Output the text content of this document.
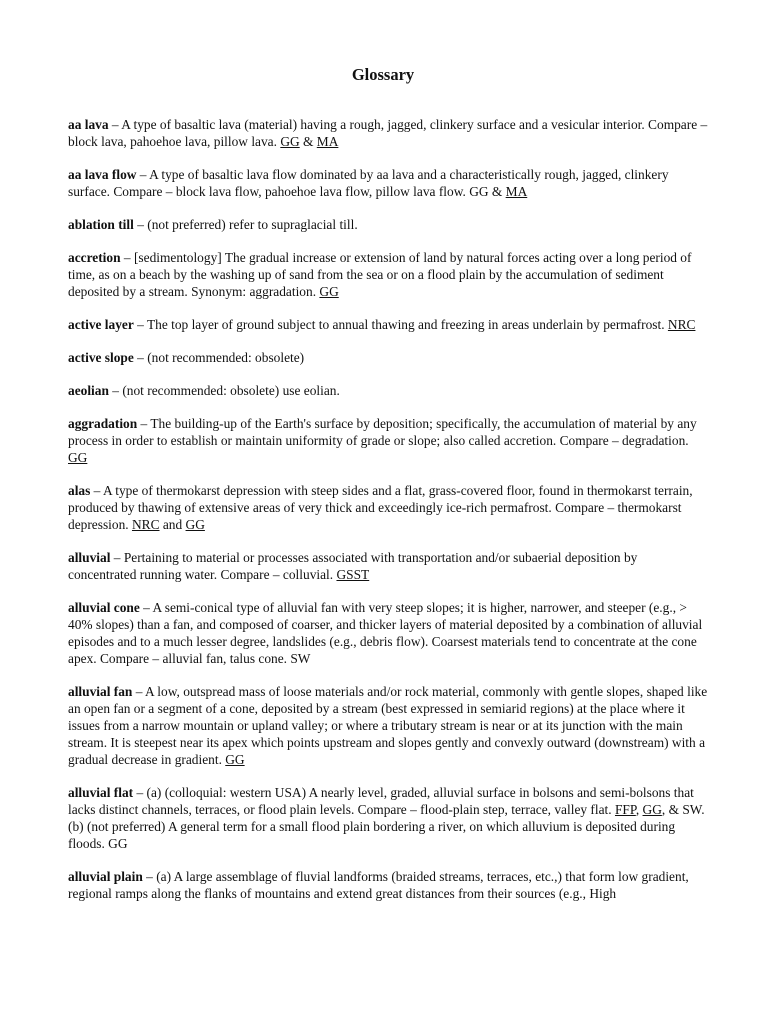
Glossary

aa lava – A type of basaltic lava (material) having a rough, jagged, clinkery surface and a vesicular interior. Compare – block lava, pahoehoe lava, pillow lava. GG & MA

aa lava flow – A type of basaltic lava flow dominated by aa lava and a characteristically rough, jagged, clinkery surface. Compare – block lava flow, pahoehoe lava flow, pillow lava flow. GG & MA

ablation till – (not preferred) refer to supraglacial till.

accretion – [sedimentology] The gradual increase or extension of land by natural forces acting over a long period of time, as on a beach by the washing up of sand from the sea or on a flood plain by the accumulation of sediment deposited by a stream. Synonym: aggradation. GG

active layer – The top layer of ground subject to annual thawing and freezing in areas underlain by permafrost. NRC

active slope – (not recommended: obsolete)

aeolian – (not recommended: obsolete) use eolian.

aggradation – The building-up of the Earth's surface by deposition; specifically, the accumulation of material by any process in order to establish or maintain uniformity of grade or slope; also called accretion. Compare – degradation. GG

alas – A type of thermokarst depression with steep sides and a flat, grass-covered floor, found in thermokarst terrain, produced by thawing of extensive areas of very thick and exceedingly ice-rich permafrost. Compare – thermokarst depression. NRC and GG

alluvial – Pertaining to material or processes associated with transportation and/or subaerial deposition by concentrated running water. Compare – colluvial. GSST

alluvial cone – A semi-conical type of alluvial fan with very steep slopes; it is higher, narrower, and steeper (e.g., > 40% slopes) than a fan, and composed of coarser, and thicker layers of material deposited by a combination of alluvial episodes and to a much lesser degree, landslides (e.g., debris flow). Coarsest materials tend to concentrate at the cone apex. Compare – alluvial fan, talus cone. SW

alluvial fan – A low, outspread mass of loose materials and/or rock material, commonly with gentle slopes, shaped like an open fan or a segment of a cone, deposited by a stream (best expressed in semiarid regions) at the place where it issues from a narrow mountain or upland valley; or where a tributary stream is near or at its junction with the main stream. It is steepest near its apex which points upstream and slopes gently and convexly outward (downstream) with a gradual decrease in gradient. GG

alluvial flat – (a) (colloquial: western USA) A nearly level, graded, alluvial surface in bolsons and semi-bolsons that lacks distinct channels, terraces, or flood plain levels. Compare – flood-plain step, terrace, valley flat. FFP, GG, & SW. (b) (not preferred) A general term for a small flood plain bordering a river, on which alluvium is deposited during floods. GG

alluvial plain – (a) A large assemblage of fluvial landforms (braided streams, terraces, etc.,) that form low gradient, regional ramps along the flanks of mountains and extend great distances from their sources (e.g., High
